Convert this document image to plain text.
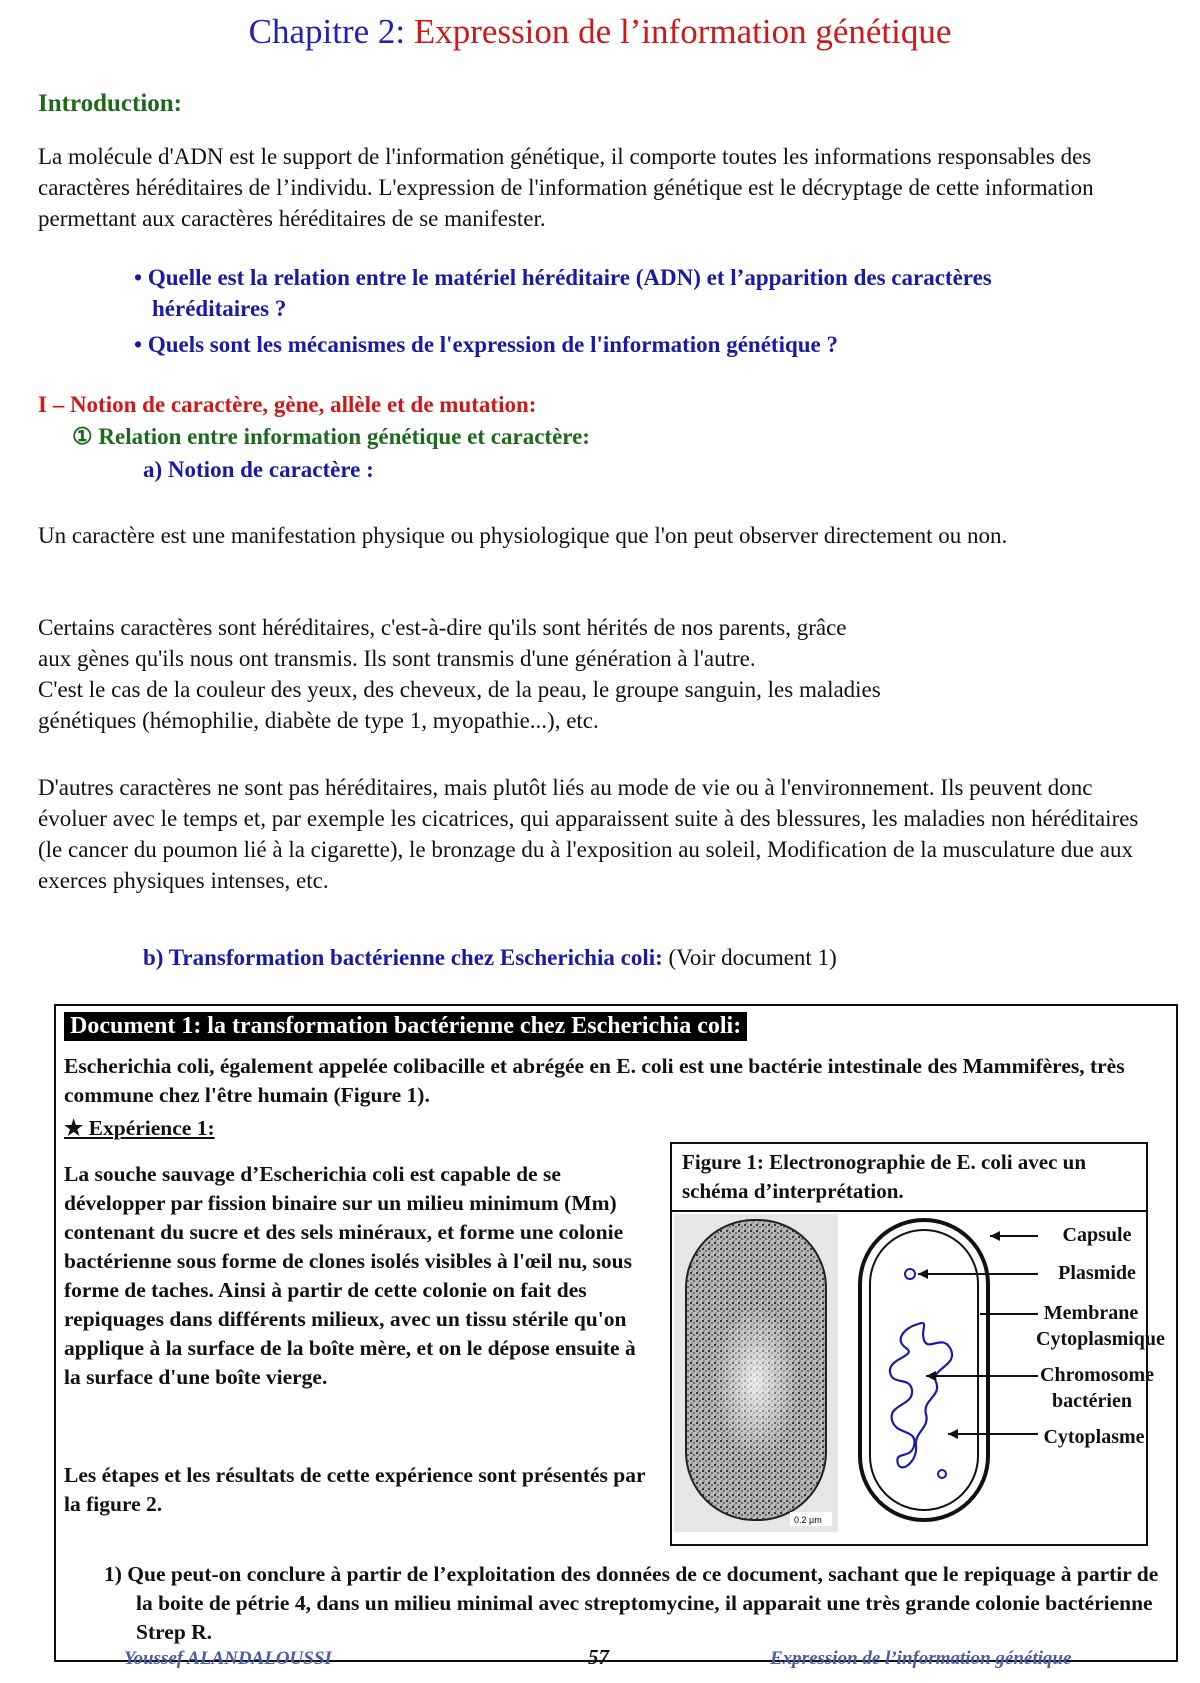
Chapitre 2: Expression de l’information génétique
Introduction:
La molécule d'ADN est le support de l'information génétique, il comporte toutes les informations responsables des caractères héréditaires de l’individu. L'expression de l'information génétique est le décryptage de cette information permettant aux caractères héréditaires de se manifester.
• Quelle est la relation entre le matériel héréditaire (ADN) et l’apparition des caractères héréditaires ?
• Quels sont les mécanismes de l'expression de l'information génétique ?
I – Notion de caractère, gène, allèle et de mutation:
① Relation entre information génétique et caractère:
a) Notion de caractère :
Un caractère est une manifestation physique ou physiologique que l'on peut observer directement ou non.
Certains caractères sont héréditaires, c'est-à-dire qu'ils sont hérités de nos parents, grâce
aux gènes qu'ils nous ont transmis. Ils sont transmis d'une génération à l'autre.
C'est le cas de la couleur des yeux, des cheveux, de la peau, le groupe sanguin, les maladies
génétiques (hémophilie, diabète de type 1, myopathie...), etc.
D'autres caractères ne sont pas héréditaires, mais plutôt liés au mode de vie ou à l'environnement. Ils peuvent donc évoluer avec le temps et, par exemple les cicatrices, qui apparaissent suite à des blessures, les maladies non héréditaires (le cancer du poumon lié à la cigarette), le bronzage du à l'exposition au soleil, Modification de la musculature due aux exerces physiques intenses, etc.
b) Transformation bactérienne chez Escherichia coli: (Voir document 1)
Document 1: la transformation bactérienne chez Escherichia coli:
Escherichia coli, également appelée colibacille et abrégée en E. coli est une bactérie intestinale des Mammifères, très commune chez l'être humain (Figure 1).
★ Expérience 1:
La souche sauvage d’Escherichia coli est capable de se développer par fission binaire sur un milieu minimum (Mm) contenant du sucre et des sels minéraux, et forme une colonie bactérienne sous forme de clones isolés visibles à l'œil nu, sous forme de taches. Ainsi à partir de cette colonie on fait des repiquages dans différents milieux, avec un tissu stérile qu'on applique à la surface de la boîte mère, et on le dépose ensuite à la surface d'une boîte vierge.
Les étapes et les résultats de cette expérience sont présentés par la figure 2.
Figure 1: Electronographie de E. coli avec un schéma d’interprétation.
0.2 µm
Capsule
Plasmide
Membrane Cytoplasmique
Chromosome bactérien
Cytoplasme
1) Que peut-on conclure à partir de l’exploitation des données de ce document, sachant que le repiquage à partir de la boite de pétrie 4, dans un milieu minimal avec streptomycine, il apparait une très grande colonie bactérienne Strep R.
Youssef ALANDALOUSSI	57	Expression de l’information génétique
